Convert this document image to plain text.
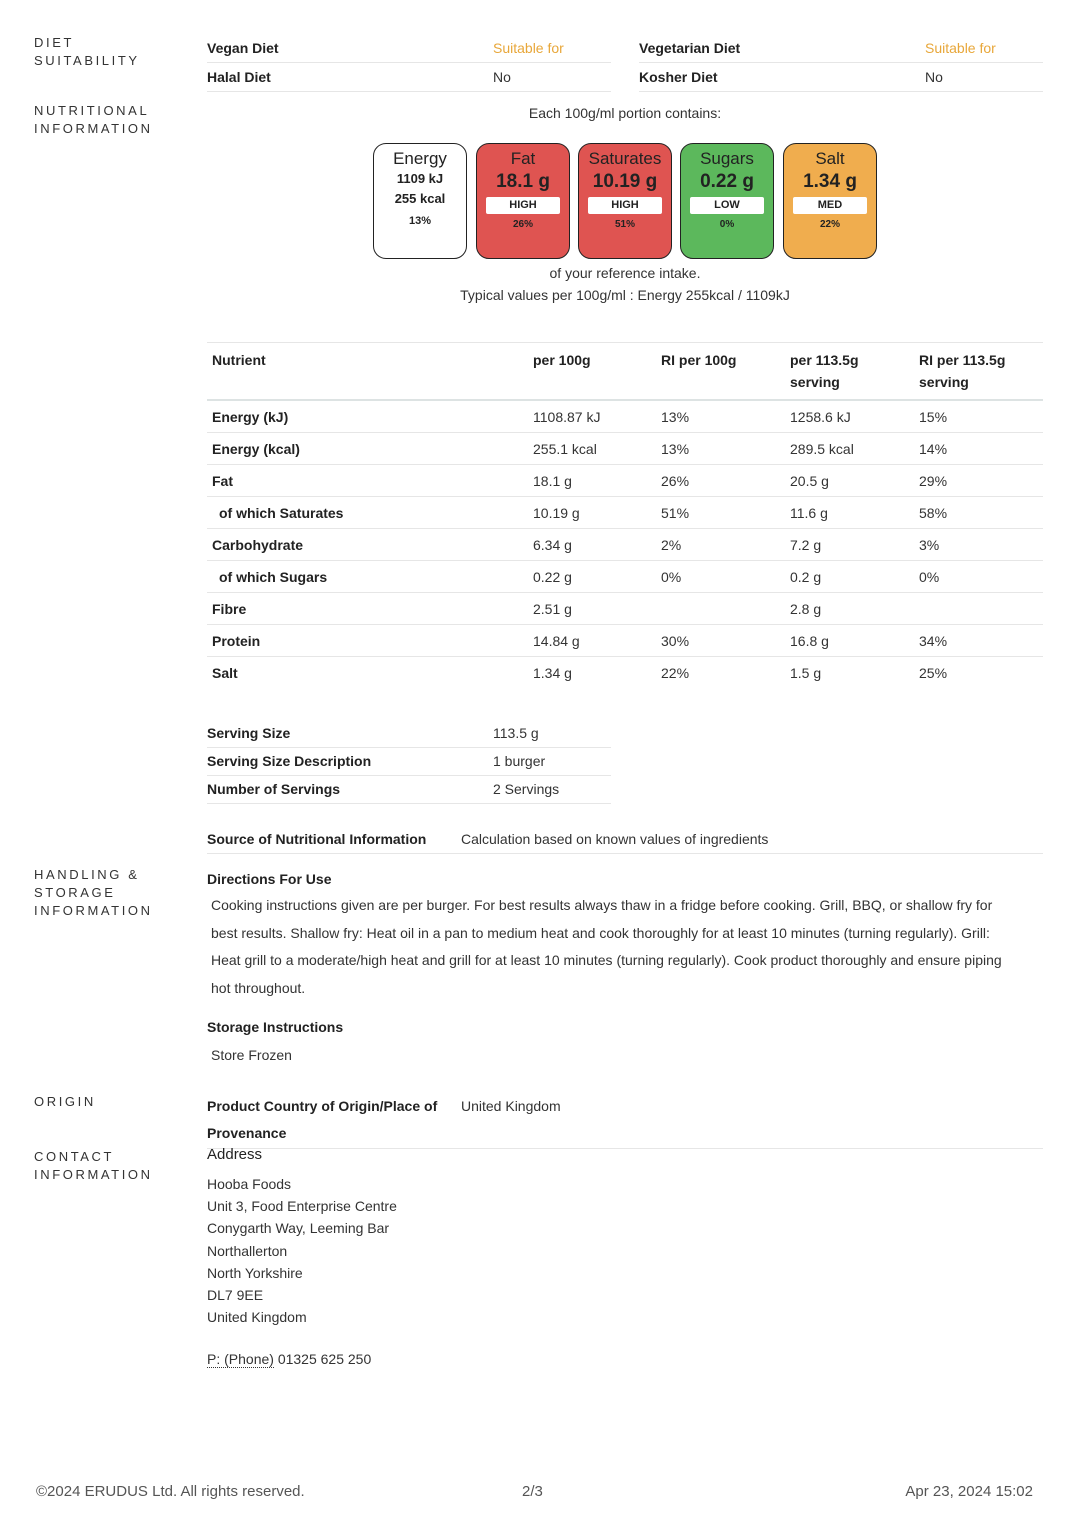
DIET
SUITABILITY
NUTRITIONAL
INFORMATION
HANDLING &
STORAGE
INFORMATION
ORIGIN
CONTACT
INFORMATION
Vegan Diet	Suitable for	Vegetarian Diet	Suitable for
Halal Diet	No	Kosher Diet	No
Each 100g/ml portion contains:
Energy
1109 kJ
255 kcal
13%
Fat
18.1 g
HIGH
26%
Saturates
10.19 g
HIGH
51%
Sugars
0.22 g
LOW
0%
Salt
1.34 g
MED
22%
of your reference intake.
Typical values per 100g/ml : Energy 255kcal / 1109kJ
Nutrient	per 100g	RI per 100g	per 113.5g serving	RI per 113.5g serving
Energy (kJ)	1108.87 kJ	13%	1258.6 kJ	15%
Energy (kcal)	255.1 kcal	13%	289.5 kcal	14%
Fat	18.1 g	26%	20.5 g	29%
of which Saturates	10.19 g	51%	11.6 g	58%
Carbohydrate	6.34 g	2%	7.2 g	3%
of which Sugars	0.22 g	0%	0.2 g	0%
Fibre	2.51 g		2.8 g	
Protein	14.84 g	30%	16.8 g	34%
Salt	1.34 g	22%	1.5 g	25%
Serving Size	113.5 g
Serving Size Description	1 burger
Number of Servings	2 Servings
Source of Nutritional Information Calculation based on known values of ingredients
Directions For Use
Cooking instructions given are per burger. For best results always thaw in a fridge before cooking. Grill, BBQ, or shallow fry for
best results. Shallow fry: Heat oil in a pan to medium heat and cook thoroughly for at least 10 minutes (turning regularly). Grill:
Heat grill to a moderate/high heat and grill for at least 10 minutes (turning regularly). Cook product thoroughly and ensure piping
hot throughout.
Storage Instructions
Store Frozen
Product Country of Origin/Place of
Provenance
United Kingdom
Address
Hooba Foods
Unit 3, Food Enterprise Centre
Conygarth Way, Leeming Bar
Northallerton
North Yorkshire
DL7 9EE
United Kingdom
P: (Phone) 01325 625 250
©2024 ERUDUS Ltd. All rights reserved.	2/3	Apr 23, 2024 15:02
